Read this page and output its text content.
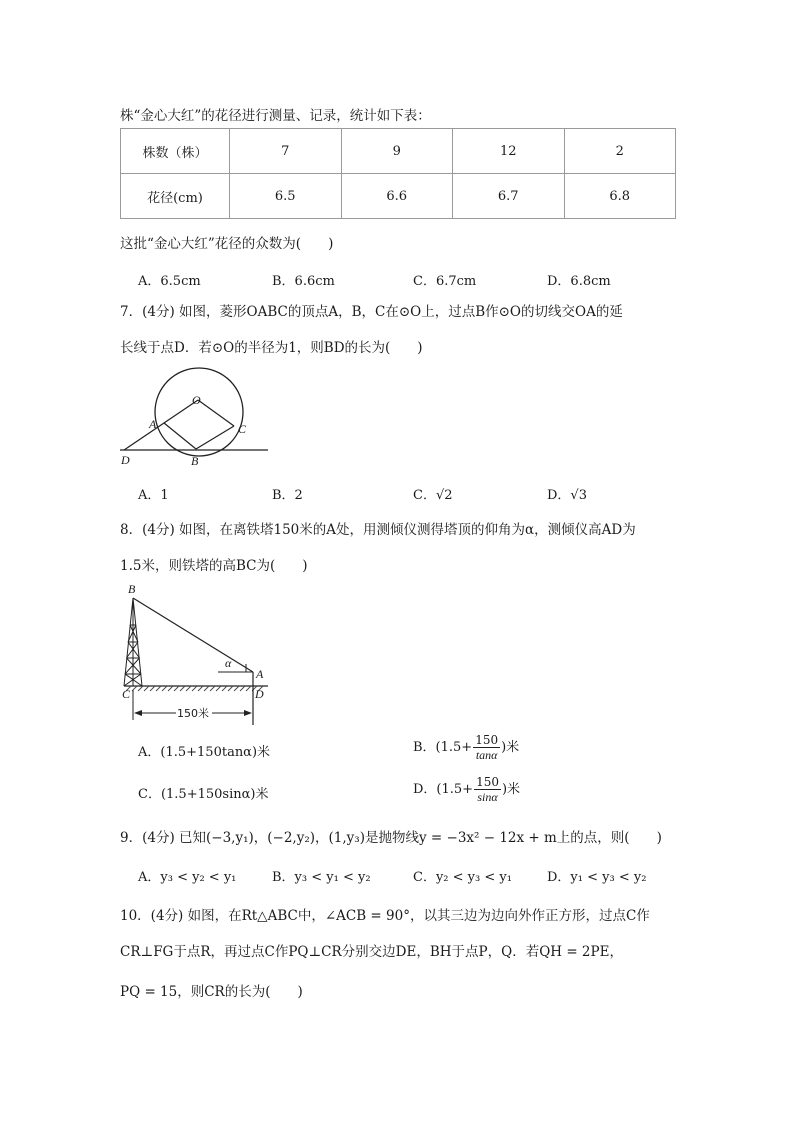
株“金心大红”的花径进行测量、记录，统计如下表：
株数（株）	7	9	12	2
花径(cm)	6.5	6.6	6.7	6.8
这批“金心大红”花径的众数为(　　)
A．6.5cm	B．6.6cm	C．6.7cm	D．6.8cm
7．(4分) 如图，菱形OABC的顶点A，B，C在⊙O上，过点B作⊙O的切线交OA的延
长线于点D．若⊙O的半径为1，则BD的长为(　　)
O
A	C
D	B
A．1	B．2	C．√2	D．√3
8．(4分) 如图，在离铁塔150米的A处，用测倾仪测得塔顶的仰角为α，测倾仪高AD为
1.5米，则铁塔的高BC为(　　)
150米
B
α
A
C	D
A．(1.5+150tanα)米	B．($1.5+ \frac{150}{\tan\alpha}$ )米
C．(1.5+150sinα)米	D．($1.5+ \frac{150}{\sin\alpha}$ )米
9．(4分) 已知(−3,y₁)，(−2,y₂)，(1,y₃)是抛物线y = −3x² − 12x + m上的点，则(　　)
A．y₃ < y₂ < y₁	B．y₃ < y₁ < y₂	C．y₂ < y₃ < y₁	D．y₁ < y₃ < y₂
10．(4分) 如图，在Rt△ABC中，∠ACB = 90°，以其三边为边向外作正方形，过点C作
CR⊥FG于点R，再过点C作PQ⊥CR分别交边DE，BH于点P，Q．若QH = 2PE，
PQ = 15，则CR的长为(　　)
